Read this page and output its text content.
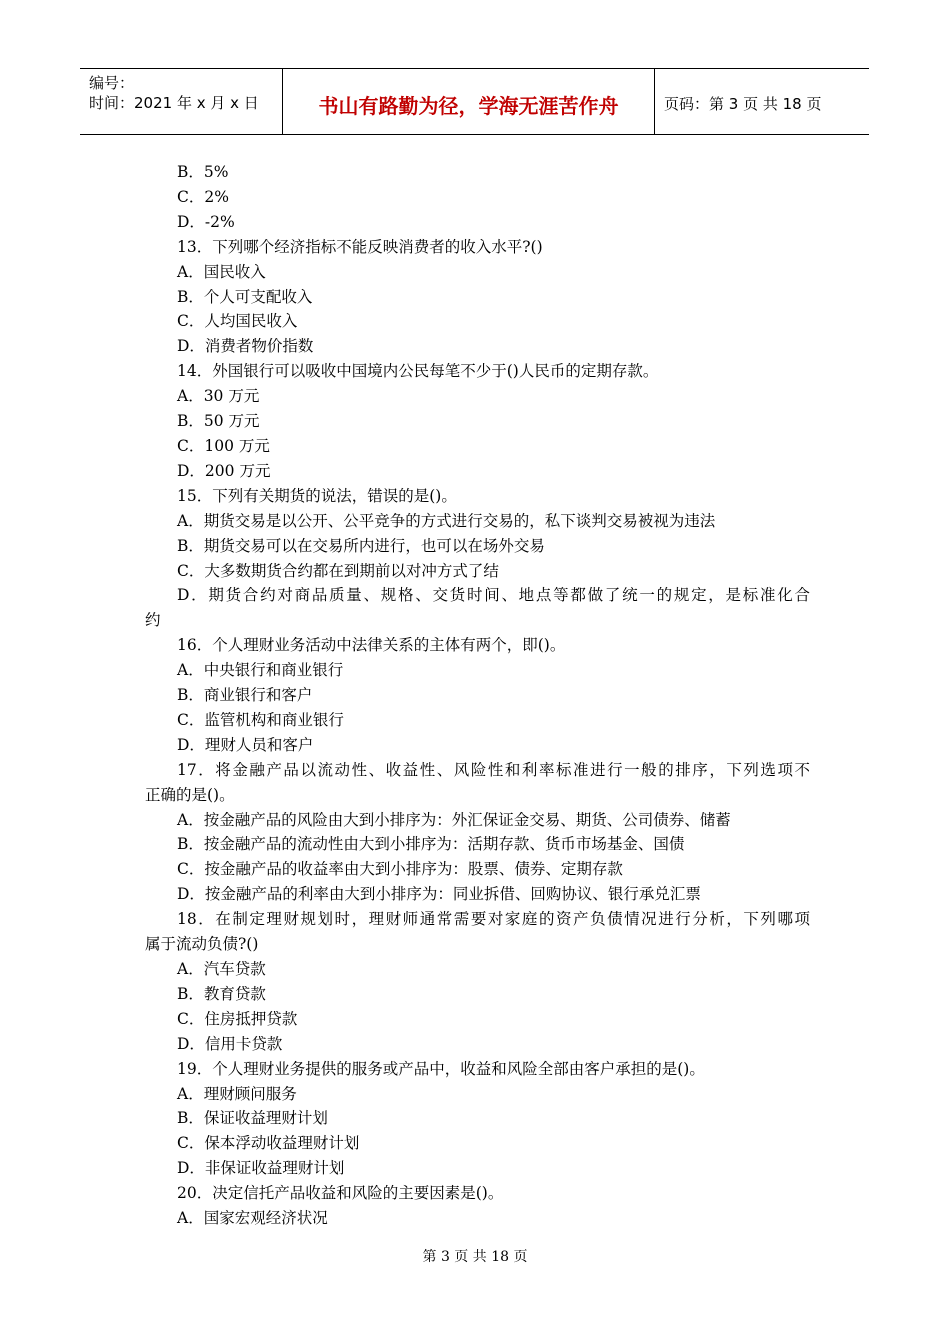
编号：
时间：2021 年 x 月 x 日	书山有路勤为径，学海无涯苦作舟	页码：第 3 页 共 18 页
B．5%
C．2%
D．-2%
13．下列哪个经济指标不能反映消费者的收入水平?()
A．国民收入
B．个人可支配收入
C．人均国民收入
D．消费者物价指数
14．外国银行可以吸收中国境内公民每笔不少于()人民币的定期存款。
A．30 万元
B．50 万元
C．100 万元
D．200 万元
15．下列有关期货的说法，错误的是()。
A．期货交易是以公开、公平竞争的方式进行交易的，私下谈判交易被视为违法
B．期货交易可以在交易所内进行，也可以在场外交易
C．大多数期货合约都在到期前以对冲方式了结
D．期货合约对商品质量、规格、交货时间、地点等都做了统一的规定，是标准化合
约
16．个人理财业务活动中法律关系的主体有两个，即()。
A．中央银行和商业银行
B．商业银行和客户
C．监管机构和商业银行
D．理财人员和客户
17．将金融产品以流动性、收益性、风险性和利率标准进行一般的排序，下列选项不
正确的是()。
A．按金融产品的风险由大到小排序为：外汇保证金交易、期货、公司债券、储蓄
B．按金融产品的流动性由大到小排序为：活期存款、货币市场基金、国债
C．按金融产品的收益率由大到小排序为：股票、债券、定期存款
D．按金融产品的利率由大到小排序为：同业拆借、回购协议、银行承兑汇票
18．在制定理财规划时，理财师通常需要对家庭的资产负债情况进行分析，下列哪项
属于流动负债?()
A．汽车贷款
B．教育贷款
C．住房抵押贷款
D．信用卡贷款
19．个人理财业务提供的服务或产品中，收益和风险全部由客户承担的是()。
A．理财顾问服务
B．保证收益理财计划
C．保本浮动收益理财计划
D．非保证收益理财计划
20．决定信托产品收益和风险的主要因素是()。
A．国家宏观经济状况
第 3 页 共 18 页
